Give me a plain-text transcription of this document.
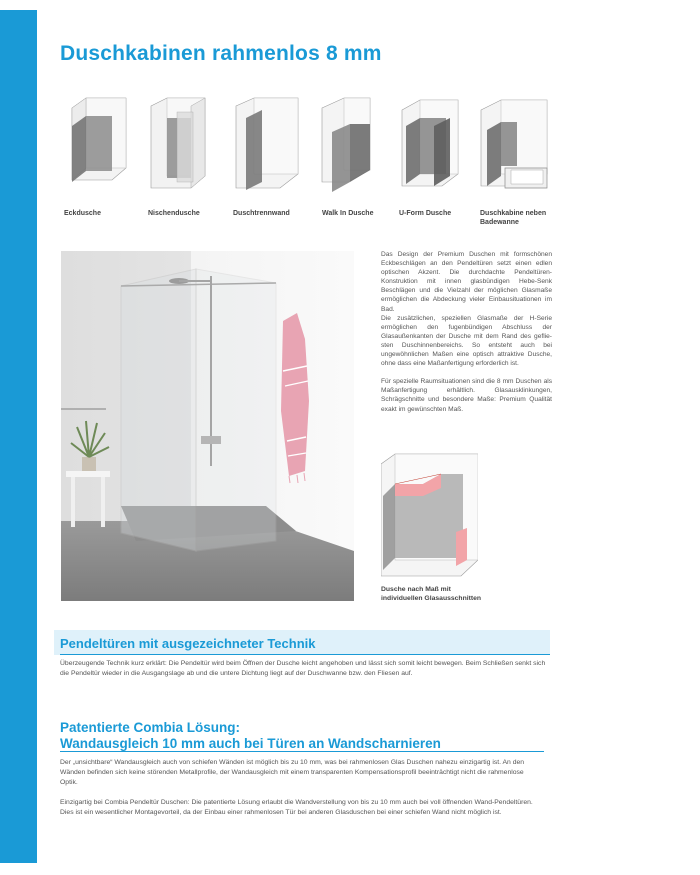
Duschkabinen rahmenlos 8 mm
Eckdusche	Nischendusche	Duschtrennwand	Walk In Dusche	U-Form Dusche	Duschkabine neben
Badewanne

Das Design der Premium Duschen mit formschönen Eckbeschlägen an den Pendeltüren setzt einen edlen optischen Akzent. Die durchdachte Pendeltüren-Konstruktion mit innen glasbündigen Hebe-Senk Beschlägen und die Vielzahl der möglichen Glasmaße ermöglichen die Abdeckung vieler Einbausituationen im Bad.

Die zusätzlichen, speziellen Glasmaße der H-Serie ermöglichen den fugenbündigen Abschluss der Glasaußenkanten der Dusche mit dem Rand des gefliesten Duschinnenbereichs. So entsteht auch bei ungewöhnlichen Maßen eine optisch attraktive Dusche, ohne dass eine Maßanfertigung erforderlich ist.

Für spezielle Raumsituationen sind die 8 mm Duschen als Maßanfertigung erhältlich. Glasausklinkungen, Schrägschnitte und besondere Maße: Premium Qualität exakt im gewünschten Maß.

Dusche nach Maß mit
individuellen Glasausschnitten
Pendeltüren mit ausgezeichneter Technik

Überzeugende Technik kurz erklärt: Die Pendeltür wird beim Öffnen der Dusche leicht angehoben und lässt sich somit leicht bewegen. Beim Schließen senkt sich die Pendeltür wieder in die Ausgangslage ab und die untere Dichtung liegt auf der Duschwanne bzw. den Fliesen auf.

Patentierte Combia Lösung:
Wandausgleich 10 mm auch bei Türen an Wandscharnieren

Der „unsichtbare“ Wandausgleich auch von schiefen Wänden ist möglich bis zu 10 mm, was bei rahmenlosen Glas Duschen nahezu einzigartig ist. An den Wänden befinden sich keine störenden Metallprofile, der Wandausgleich mit einem transparenten Kompensationsprofil beeinträchtigt nicht die rahmenlose Optik.

Einzigartig bei Combia Pendeltür Duschen: Die patentierte Lösung erlaubt die Wandverstellung von bis zu 10 mm auch bei voll öffnenden Wand-Pendeltüren. Dies ist ein wesentlicher Montagevorteil, da der Einbau einer rahmenlosen Tür bei anderen Glasduschen bei einer schiefen Wand nicht möglich ist.
